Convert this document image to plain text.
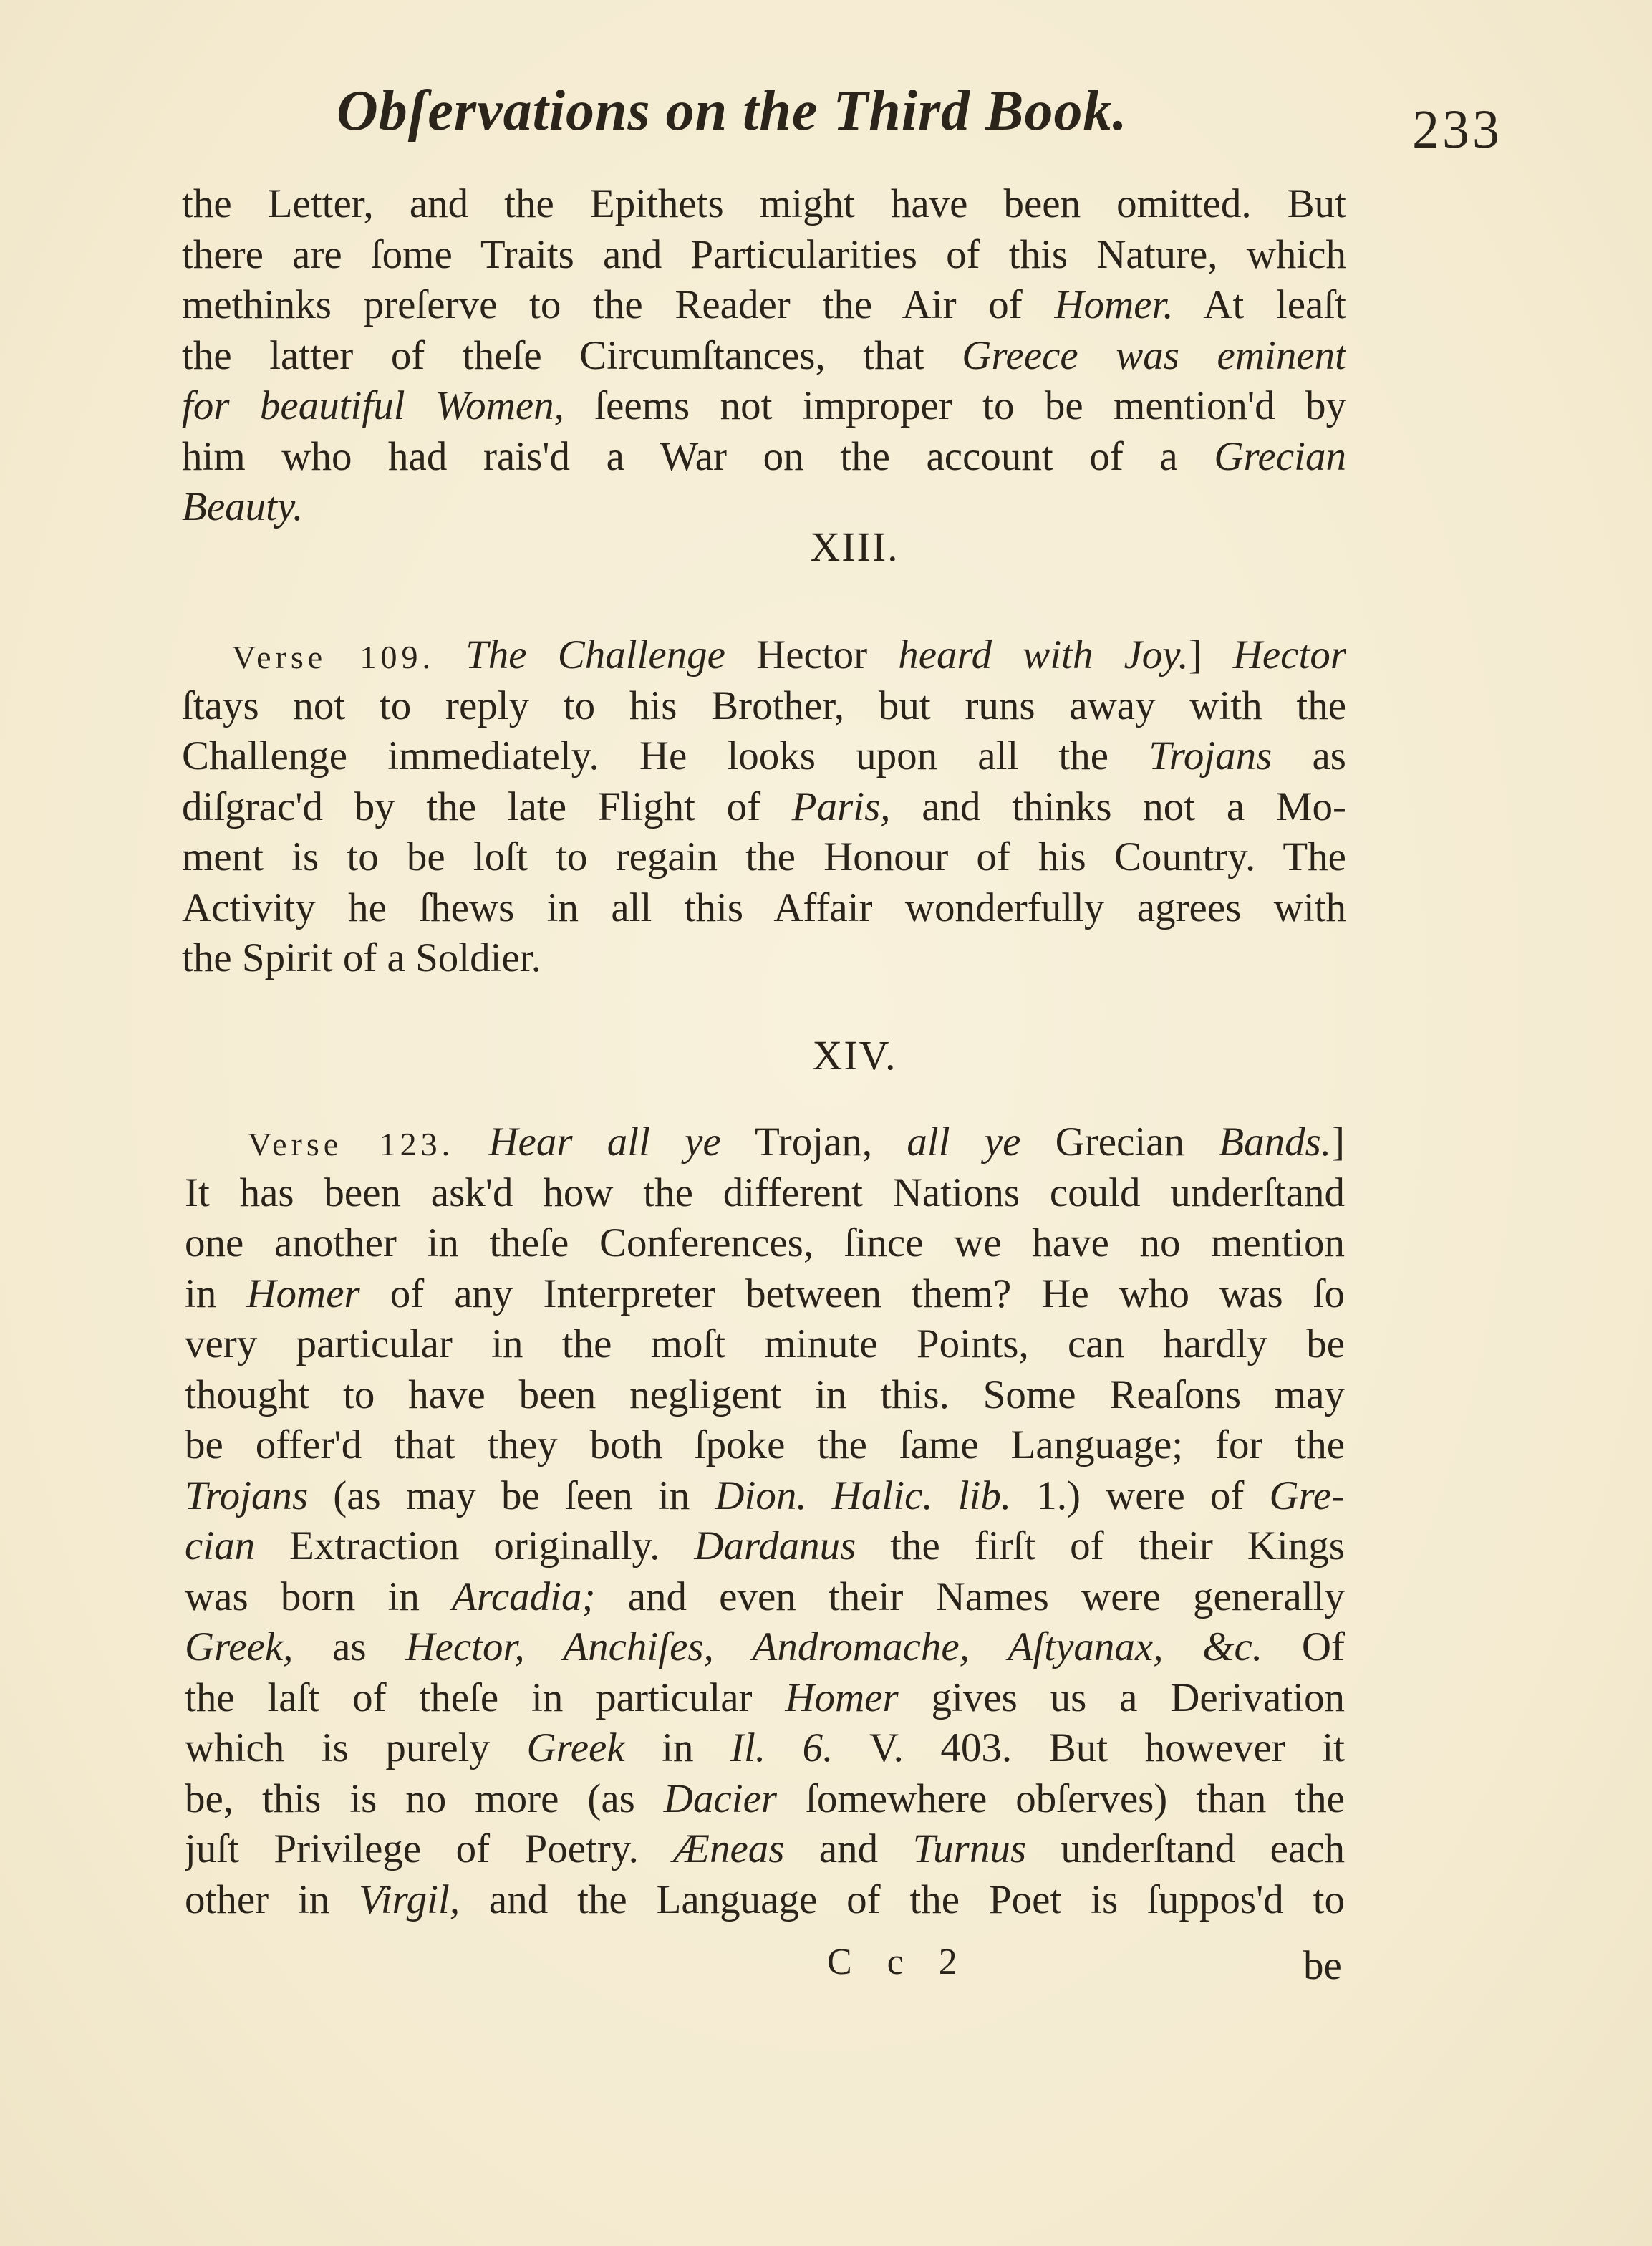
Obſervations on the Third Book.	233
the Letter, and the Epithets might have been omitted. But
there are ſome Traits and Particularities of this Nature, which
methinks preſerve to the Reader the Air of Homer. At leaſt
the latter of theſe Circumſtances, that Greece was eminent
for beautiful Women, ſeems not improper to be mention'd by
him who had rais'd a War on the account of a Grecian
Beauty.
XIII.
Verse 109. The Challenge Hector heard with Joy.] Hector
ſtays not to reply to his Brother, but runs away with the
Challenge immediately. He looks upon all the Trojans as
diſgrac'd by the late Flight of Paris, and thinks not a Mo-
ment is to be loſt to regain the Honour of his Country. The
Activity he ſhews in all this Affair wonderfully agrees with
the Spirit of a Soldier.
XIV.
Verse 123. Hear all ye Trojan, all ye Grecian Bands.]
It has been ask'd how the different Nations could underſtand
one another in theſe Conferences, ſince we have no mention
in Homer of any Interpreter between them? He who was ſo
very particular in the moſt minute Points, can hardly be
thought to have been negligent in this. Some Reaſons may
be offer'd that they both ſpoke the ſame Language; for the
Trojans (as may be ſeen in Dion. Halic. lib. 1.) were of Gre-
cian Extraction originally. Dardanus the firſt of their Kings
was born in Arcadia; and even their Names were generally
Greek, as Hector, Anchiſes, Andromache, Aſtyanax, &c. Of
the laſt of theſe in particular Homer gives us a Derivation
which is purely Greek in Il. 6. V. 403. But however it
be, this is no more (as Dacier ſomewhere obſerves) than the
juſt Privilege of Poetry. Æneas and Turnus underſtand each
other in Virgil, and the Language of the Poet is ſuppos'd to
C c 2	be
